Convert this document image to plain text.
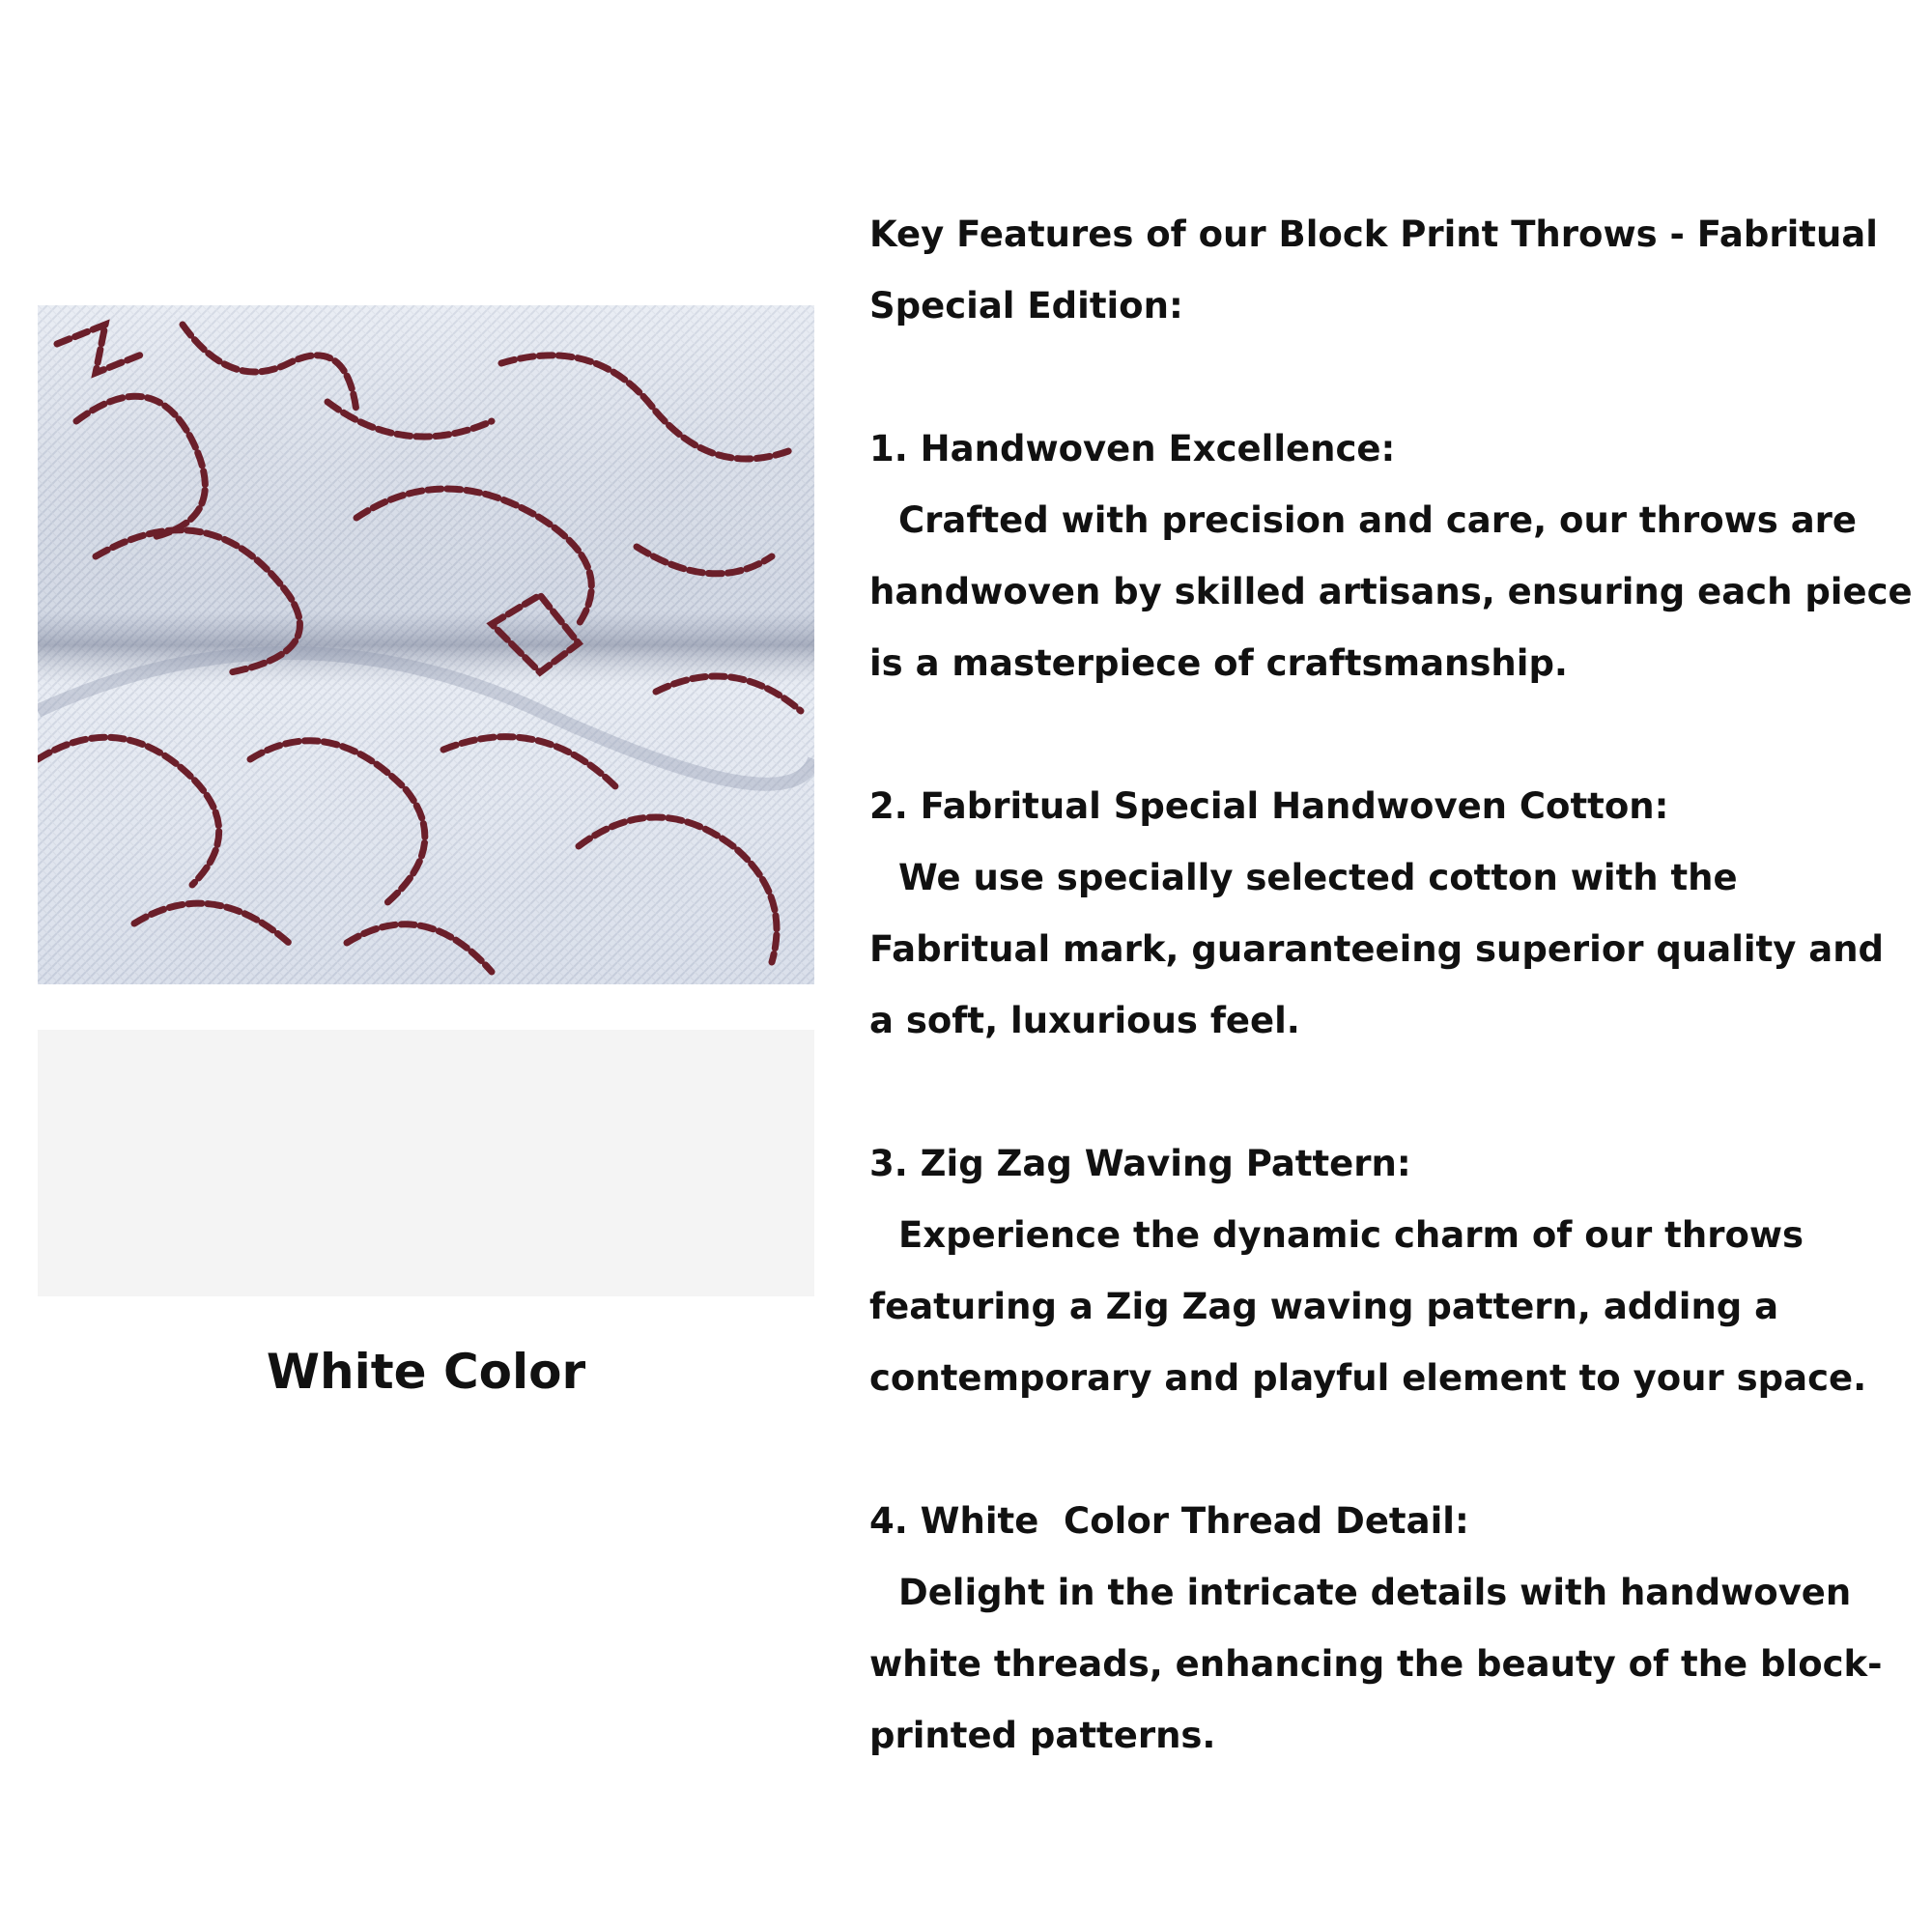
White Color

Key Features of our Block Print Throws - Fabritual Special Edition:

1. Handwoven Excellence:

Crafted with precision and care, our throws are handwoven by skilled artisans, ensuring each piece is a masterpiece of craftsmanship.

2. Fabritual Special Handwoven Cotton:

We use specially selected cotton with the Fabritual mark, guaranteeing superior quality and a soft, luxurious feel.

3. Zig Zag Waving Pattern:

Experience the dynamic charm of our throws featuring a Zig Zag waving pattern, adding a contemporary and playful element to your space.

4. White  Color Thread Detail:

Delight in the intricate details with handwoven white threads, enhancing the beauty of the block-printed patterns.
